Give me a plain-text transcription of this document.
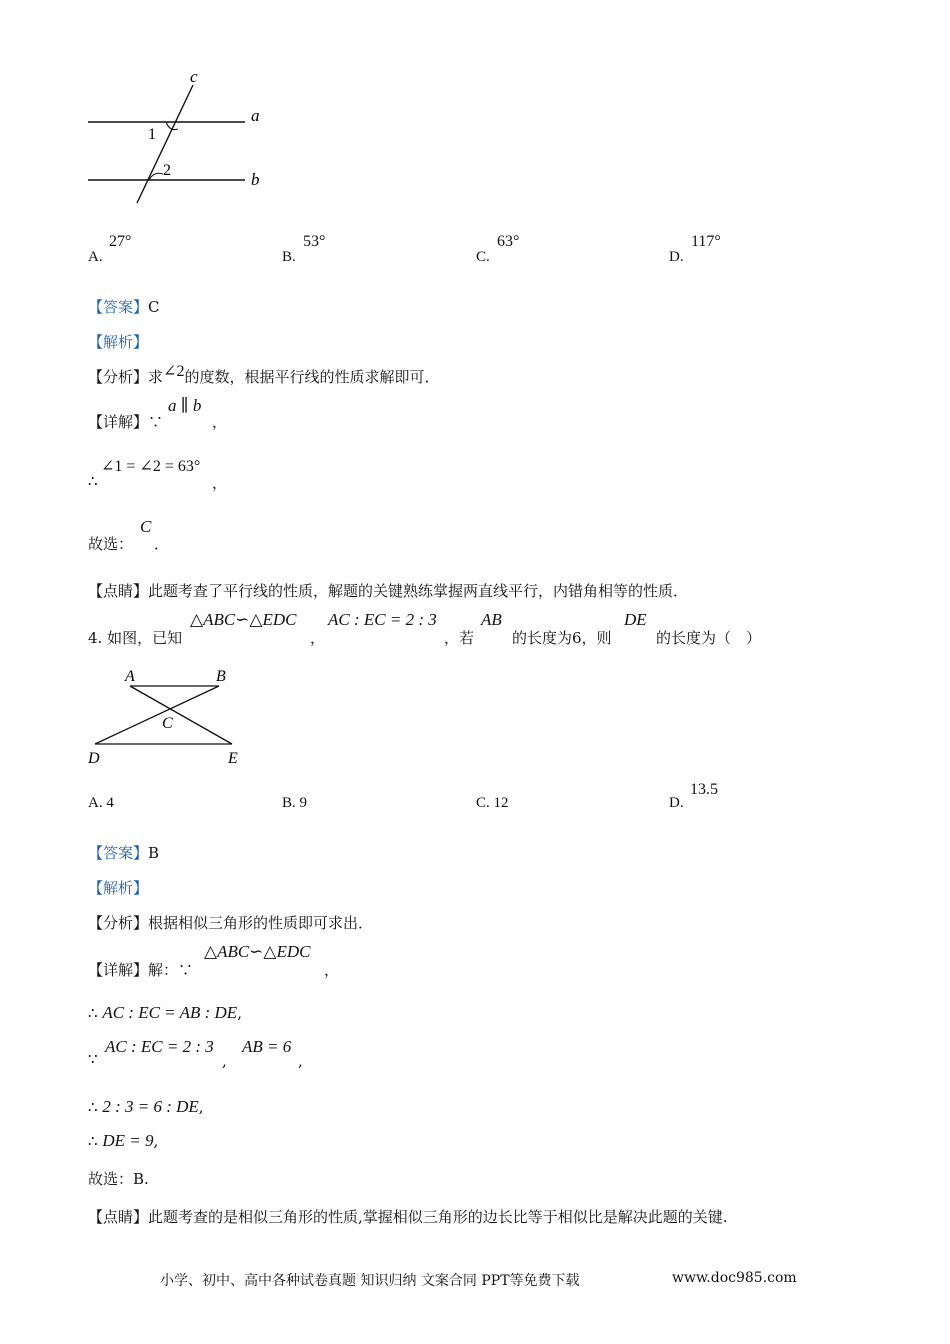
c
a
b
1
2
A.
27°
B.
53°
C.
63°
D.
117°
【答案】C
【解析】
【分析】求∠2的度数，根据平行线的性质求解即可．
【详解】∵
a ∥ b
，
∴
∠1 = ∠2 = 63°
，
故选：
C
．
【点睛】此题考查了平行线的性质，解题的关键熟练掌握两直线平行，内错角相等的性质．
4. 如图，已知
△ABC∽△EDC
，
AC : EC = 2 : 3
，若
AB
的长度为6，则
DE
的长度为（　）
A	B
C
D	E
A. 4	B. 9	C. 12	D.
13.5
【答案】B
【解析】
【分析】根据相似三角形的性质即可求出．
【详解】解：∵
△ABC∽△EDC
，
∴ AC : EC = AB : DE,
∵
AC : EC = 2 : 3
,
AB = 6
,
∴ 2 : 3 = 6 : DE,
∴ DE = 9,
故选：B.
【点睛】此题考查的是相似三角形的性质,掌握相似三角形的边长比等于相似比是解决此题的关键.
小学、初中、高中各种试卷真题 知识归纳 文案合同 PPT等免费下载	www.doc985.com
